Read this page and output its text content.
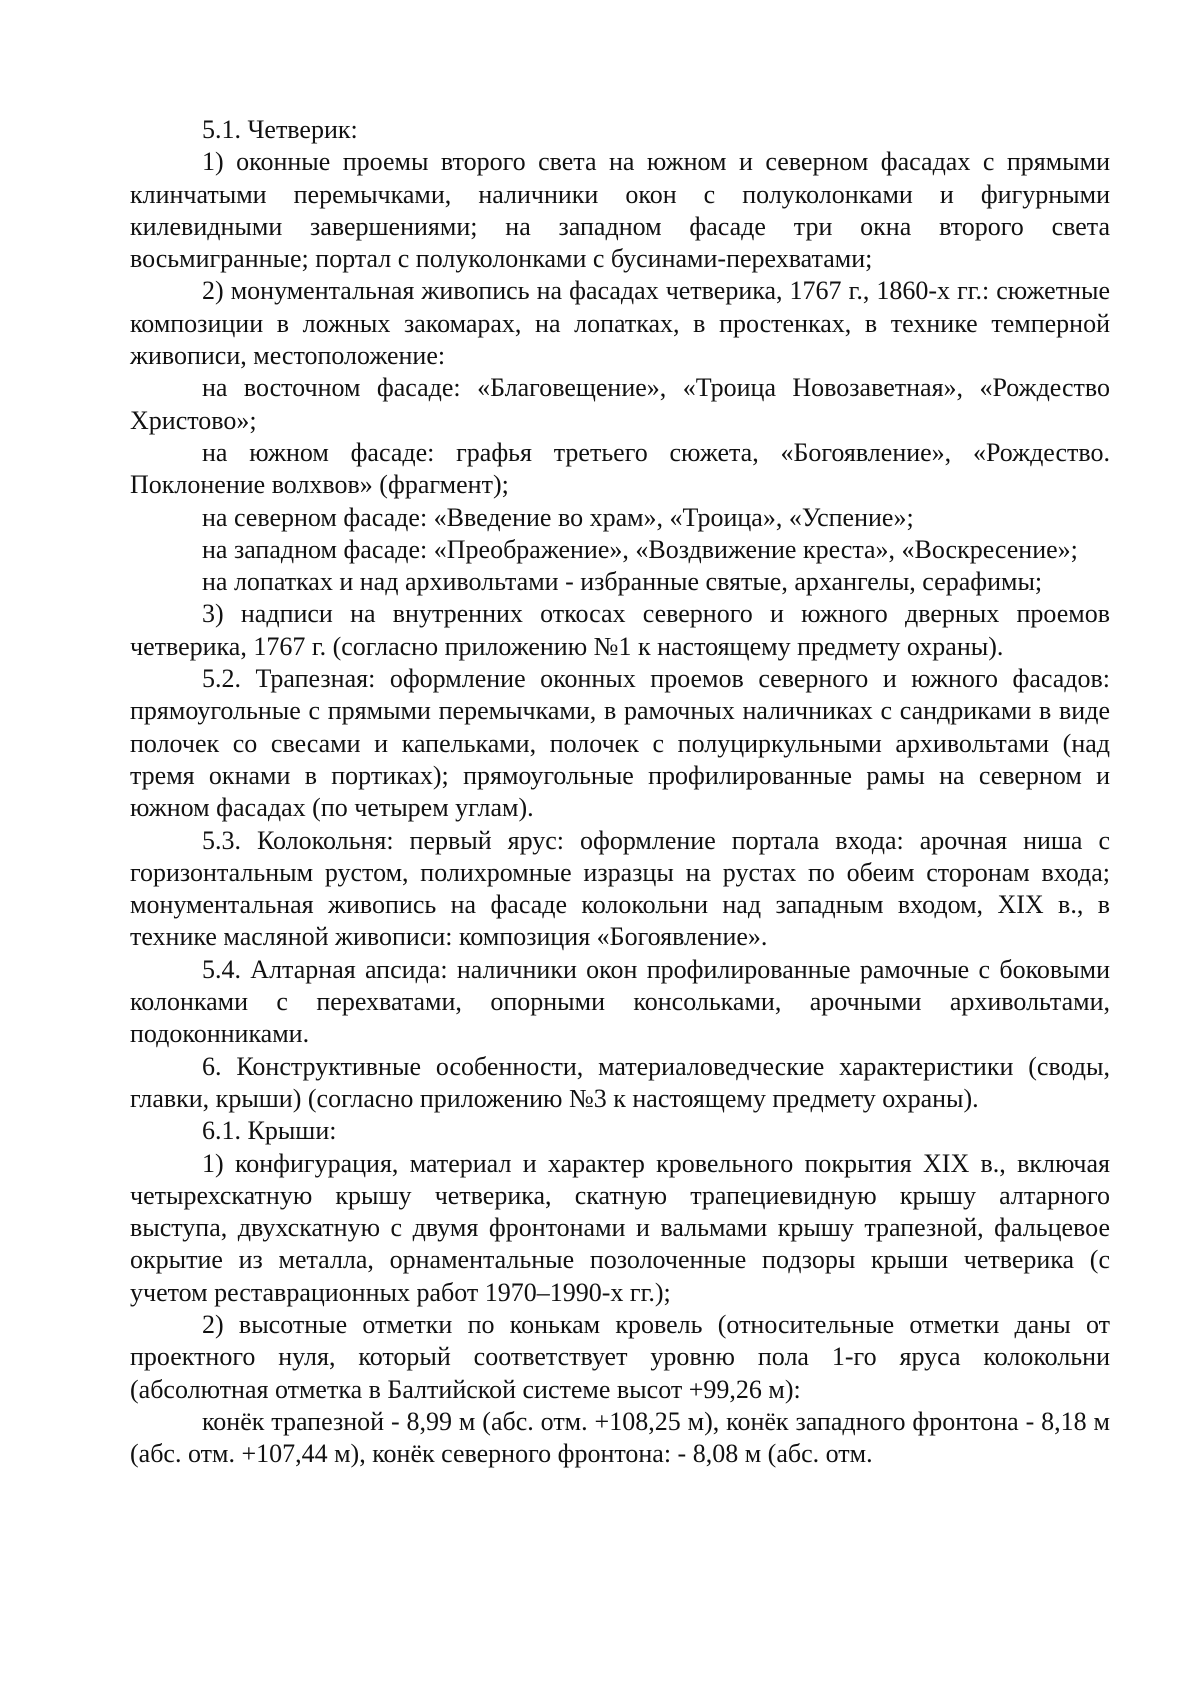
5.1. Четверик:

1) оконные проемы второго света на южном и северном фасадах с прямыми клинчатыми перемычками, наличники окон с полуколонками и фигурными килевидными завершениями; на западном фасаде три окна второго света восьмигранные; портал с полуколонками с бусинами-перехватами;

2) монументальная живопись на фасадах четверика, 1767 г., 1860-х гг.: сюжетные композиции в ложных закомарах, на лопатках, в простенках, в технике темперной живописи, местоположение:

на восточном фасаде: «Благовещение», «Троица Новозаветная», «Рождество Христово»;

на южном фасаде: графья третьего сюжета, «Богоявление», «Рождество. Поклонение волхвов» (фрагмент);

на северном фасаде: «Введение во храм», «Троица», «Успение»;

на западном фасаде: «Преображение», «Воздвижение креста», «Воскресение»;

на лопатках и над архивольтами - избранные святые, архангелы, серафимы;

3) надписи на внутренних откосах северного и южного дверных проемов четверика, 1767 г. (согласно приложению №1 к настоящему предмету охраны).

5.2. Трапезная: оформление оконных проемов северного и южного фасадов: прямоугольные с прямыми перемычками, в рамочных наличниках с сандриками в виде полочек со свесами и капельками, полочек с полуциркульными архивольтами (над тремя окнами в портиках); прямоугольные профилированные рамы на северном и южном фасадах (по четырем углам).

5.3. Колокольня: первый ярус: оформление портала входа: арочная ниша с горизонтальным рустом, полихромные изразцы на рустах по обеим сторонам входа; монументальная живопись на фасаде колокольни над западным входом, XIX в., в технике масляной живописи: композиция «Богоявление».

5.4. Алтарная апсида: наличники окон профилированные рамочные с боковыми колонками с перехватами, опорными консольками, арочными архивольтами, подоконниками.

6. Конструктивные особенности, материаловедческие характеристики (своды, главки, крыши) (согласно приложению №3 к настоящему предмету охраны).

6.1. Крыши:

1) конфигурация, материал и характер кровельного покрытия XIX в., включая четырехскатную крышу четверика, скатную трапециевидную крышу алтарного выступа, двухскатную с двумя фронтонами и вальмами крышу трапезной, фальцевое окрытие из металла, орнаментальные позолоченные подзоры крыши четверика (с учетом реставрационных работ 1970–1990-х гг.);

2) высотные отметки по конькам кровель (относительные отметки даны от проектного нуля, который соответствует уровню пола 1-го яруса колокольни (абсолютная отметка в Балтийской системе высот +99,26 м):

конёк трапезной - 8,99 м (абс. отм. +108,25 м), конёк западного фронтона - 8,18 м (абс. отм. +107,44 м), конёк северного фронтона: - 8,08 м (абс. отм.
